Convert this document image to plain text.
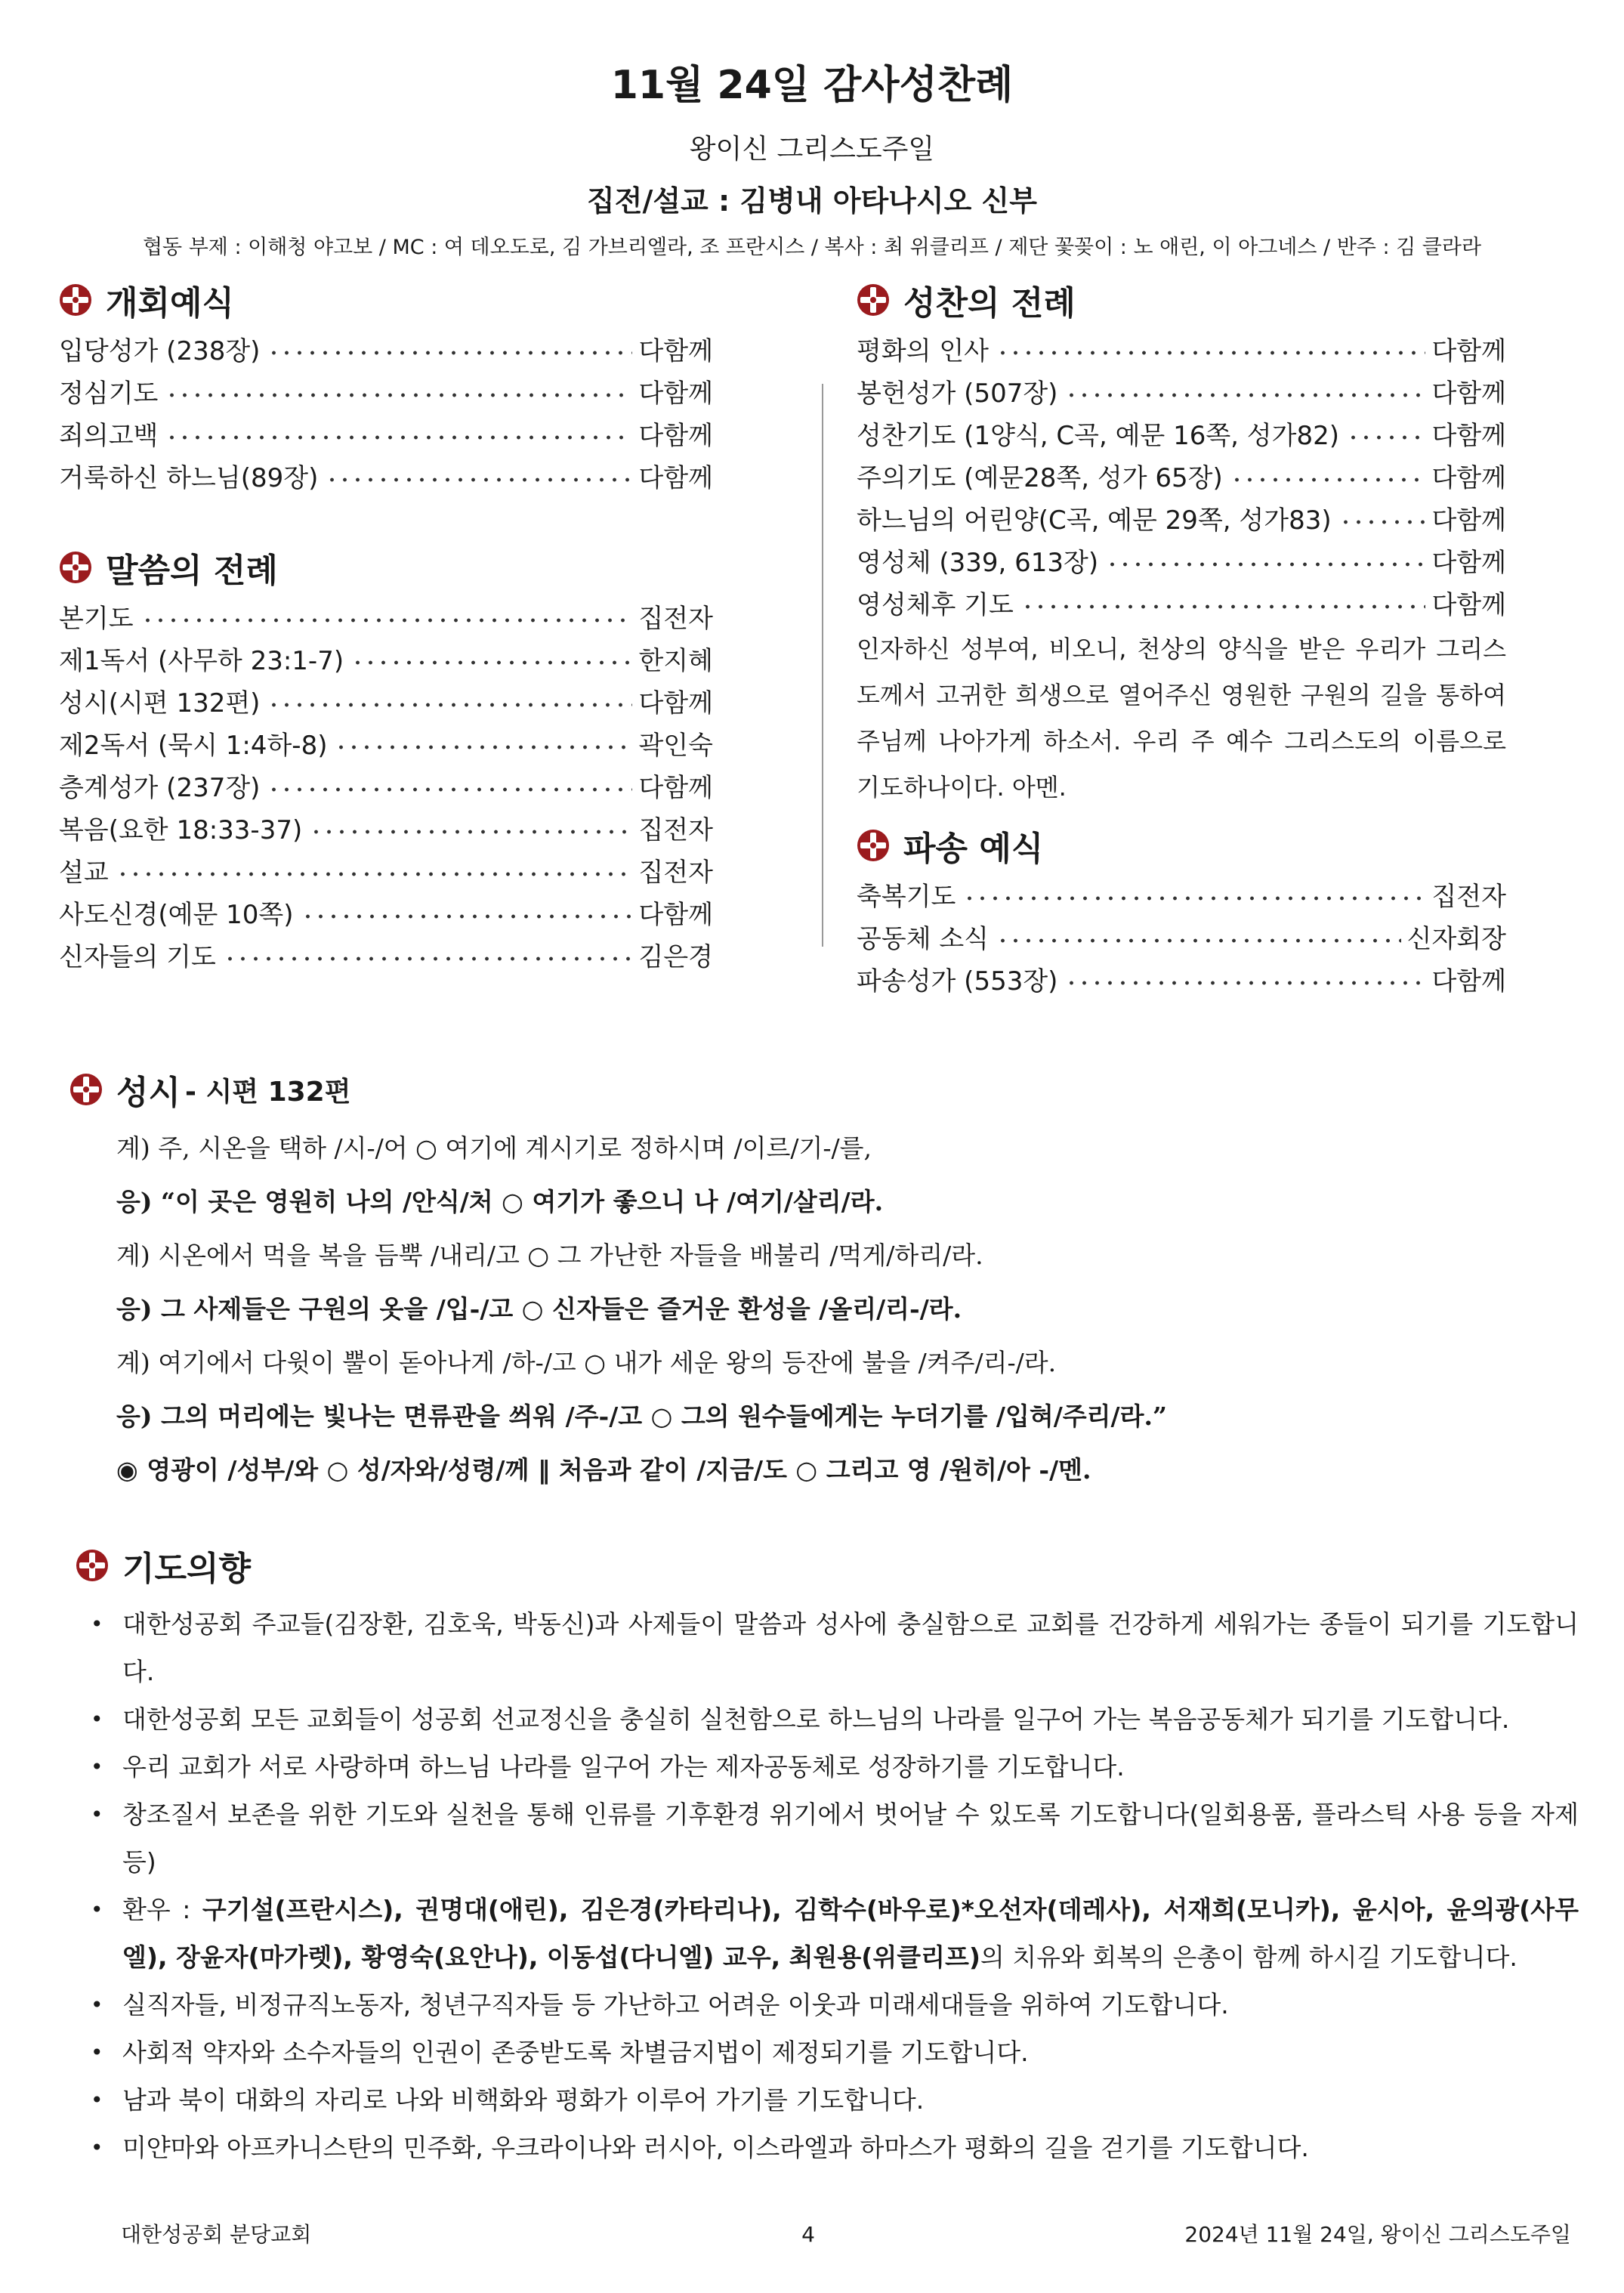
11월 24일 감사성찬례
왕이신 그리스도주일
집전/설교 : 김병내 아타나시오 신부
협동 부제 : 이해청 야고보 / MC : 여 데오도로, 김 가브리엘라, 조 프란시스 / 복사 : 최 위클리프 / 제단 꽃꽂이 : 노 애린, 이 아그네스 / 반주 : 김 클라라
개회예식
입당성가 (238장)	다함께
정심기도	다함께
죄의고백	다함께
거룩하신 하느님(89장)	다함께
말씀의 전례
본기도	집전자
제1독서 (사무하 23:1-7)	한지혜
성시(시편 132편)	다함께
제2독서 (묵시 1:4하-8)	곽인숙
층계성가 (237장)	다함께
복음(요한 18:33-37)	집전자
설교	집전자
사도신경(예문 10쪽)	다함께
신자들의 기도	김은경
성찬의 전례
평화의 인사	다함께
봉헌성가 (507장)	다함께
성찬기도 (1양식, C곡, 예문 16쪽, 성가82)	다함께
주의기도 (예문28쪽, 성가 65장)	다함께
하느님의 어린양(C곡, 예문 29쪽, 성가83)	다함께
영성체 (339, 613장)	다함께
영성체후 기도	다함께
인자하신 성부여, 비오니, 천상의 양식을 받은 우리가 그리스도께서 고귀한 희생으로 열어주신 영원한 구원의 길을 통하여 주님께 나아가게 하소서. 우리 주 예수 그리스도의 이름으로 기도하나이다. 아멘.
파송 예식
축복기도	집전자
공동체 소식	신자회장
파송성가 (553장)	다함께
성시 - 시편 132편
계) 주, 시온을 택하 /시-/어 ○ 여기에 계시기로 정하시며 /이르/기-/를,
응) “이 곳은 영원히 나의 /안식/처 ○ 여기가 좋으니 나 /여기/살리/라.
계) 시온에서 먹을 복을 듬뿍 /내리/고 ○ 그 가난한 자들을 배불리 /먹게/하리/라.
응) 그 사제들은 구원의 옷을 /입-/고 ○ 신자들은 즐거운 환성을 /올리/리-/라.
계) 여기에서 다윗이 뿔이 돋아나게 /하-/고 ○ 내가 세운 왕의 등잔에 불을 /켜주/리-/라.
응) 그의 머리에는 빛나는 면류관을 씌워 /주-/고 ○ 그의 원수들에게는 누더기를 /입혀/주리/라.”
◉ 영광이 /성부/와 ○ 성/자와/성령/께 ‖ 처음과 같이 /지금/도 ○ 그리고 영 /원히/아 -/멘.
기도의향
• 대한성공회 주교들(김장환, 김호욱, 박동신)과 사제들이 말씀과 성사에 충실함으로 교회를 건강하게 세워가는 종들이 되기를 기도합니다.
• 대한성공회 모든 교회들이 성공회 선교정신을 충실히 실천함으로 하느님의 나라를 일구어 가는 복음공동체가 되기를 기도합니다.
• 우리 교회가 서로 사랑하며 하느님 나라를 일구어 가는 제자공동체로 성장하기를 기도합니다.
• 창조질서 보존을 위한 기도와 실천을 통해 인류를 기후환경 위기에서 벗어날 수 있도록 기도합니다(일회용품, 플라스틱 사용 등을 자제 등)
• 환우 : 구기설(프란시스), 권명대(애린), 김은경(카타리나), 김학수(바우로)*오선자(데레사), 서재희(모니카), 윤시아, 윤의광(사무엘), 장윤자(마가렛), 황영숙(요안나), 이동섭(다니엘) 교우, 최원용(위클리프)의 치유와 회복의 은총이 함께 하시길 기도합니다.
• 실직자들, 비정규직노동자, 청년구직자들 등 가난하고 어려운 이웃과 미래세대들을 위하여 기도합니다.
• 사회적 약자와 소수자들의 인권이 존중받도록 차별금지법이 제정되기를 기도합니다.
• 남과 북이 대화의 자리로 나와 비핵화와 평화가 이루어 가기를 기도합니다.
• 미얀마와 아프카니스탄의 민주화, 우크라이나와 러시아, 이스라엘과 하마스가 평화의 길을 걷기를 기도합니다.
대한성공회 분당교회	4	2024년 11월 24일, 왕이신 그리스도주일
